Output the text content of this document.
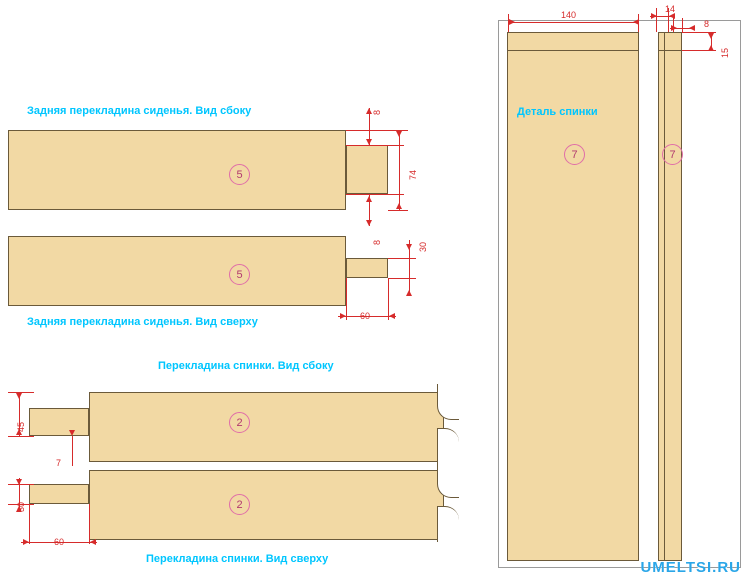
Деталь спинки
7	7
140
14
8
15
UMELTSI.RU
Задняя перекладина сиденья. Вид сбоку
5
8
74
8
5
30
60
Задняя перекладина сиденья. Вид сверху
Перекладина спинки. Вид сбоку
2
45
7
2
30
60
Перекладина спинки. Вид сверху
